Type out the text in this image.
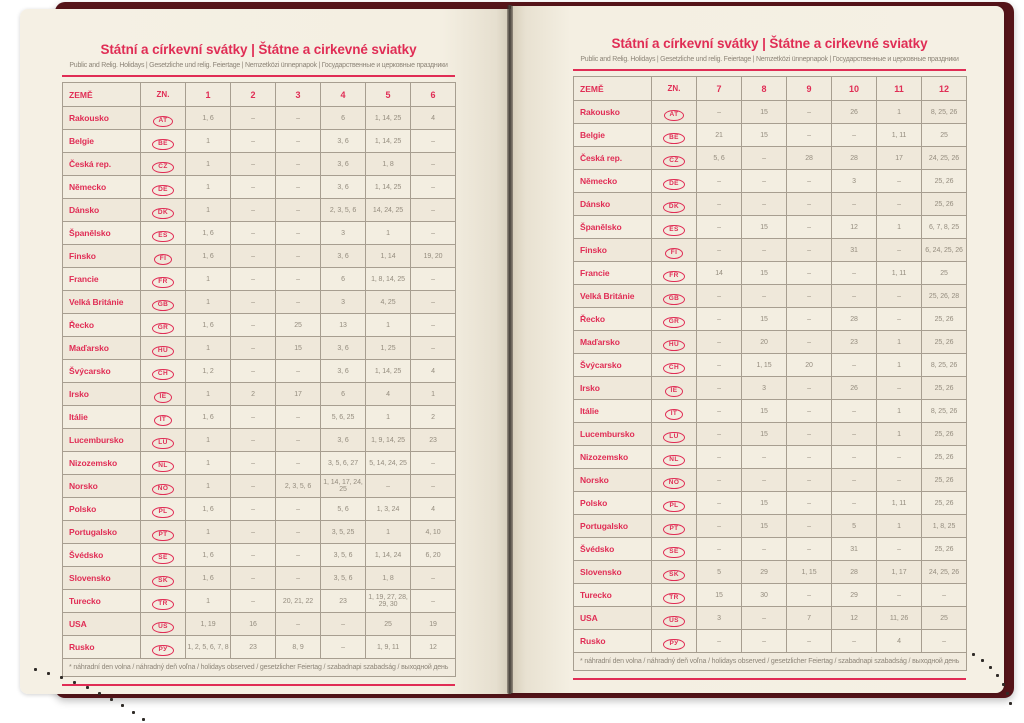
Státní a církevní svátky | Štátne a cirkevné sviatky
Public and Relig. Holidays | Gesetzliche und relig. Feiertage | Nemzetközi ünnepnapok | Государственные и церковные праздники
ZEMĚ	ZN.	1	2	3	4	5	6
Rakousko	AT	1, 6	–	–	6	1, 14, 25	4
Belgie	BE	1	–	–	3, 6	1, 14, 25	–
Česká rep.	CZ	1	–	–	3, 6	1, 8	–
Německo	DE	1	–	–	3, 6	1, 14, 25	–
Dánsko	DK	1	–	–	2, 3, 5, 6	14, 24, 25	–
Španělsko	ES	1, 6	–	–	3	1	–
Finsko	FI	1, 6	–	–	3, 6	1, 14	19, 20
Francie	FR	1	–	–	6	1, 8, 14, 25	–
Velká Británie	GB	1	–	–	3	4, 25	–
Řecko	GR	1, 6	–	25	13	1	–
Maďarsko	HU	1	–	15	3, 6	1, 25	–
Švýcarsko	CH	1, 2	–	–	3, 6	1, 14, 25	4
Irsko	IE	1	2	17	6	4	1
Itálie	IT	1, 6	–	–	5, 6, 25	1	2
Lucembursko	LU	1	–	–	3, 6	1, 9, 14, 25	23
Nizozemsko	NL	1	–	–	3, 5, 6, 27	5, 14, 24, 25	–
Norsko	NO	1	–	2, 3, 5, 6	1, 14, 17, 24, 25	–	–
Polsko	PL	1, 6	–	–	5, 6	1, 3, 24	4
Portugalsko	PT	1	–	–	3, 5, 25	1	4, 10
Švédsko	SE	1, 6	–	–	3, 5, 6	1, 14, 24	6, 20
Slovensko	SK	1, 6	–	–	3, 5, 6	1, 8	–
Turecko	TR	1	–	20, 21, 22	23	1, 19, 27, 28, 29, 30	–
USA	US	1, 19	16	–	–	25	19
Rusko	РУ	1, 2, 5, 6, 7, 8	23	8, 9	–	1, 9, 11	12
* náhradní den volna / náhradný deň voľna / holidays observed / gesetzlicher Feiertag / szabadnapi szabadság / выходной день							
Státní a církevní svátky | Štátne a cirkevné sviatky
Public and Relig. Holidays | Gesetzliche und relig. Feiertage | Nemzetközi ünnepnapok | Государственные и церковные праздники
ZEMĚ	ZN.	7	8	9	10	11	12
Rakousko	AT	–	15	–	26	1	8, 25, 26
Belgie	BE	21	15	–	–	1, 11	25
Česká rep.	CZ	5, 6	–	28	28	17	24, 25, 26
Německo	DE	–	–	–	3	–	25, 26
Dánsko	DK	–	–	–	–	–	25, 26
Španělsko	ES	–	15	–	12	1	6, 7, 8, 25
Finsko	FI	–	–	–	31	–	6, 24, 25, 26
Francie	FR	14	15	–	–	1, 11	25
Velká Británie	GB	–	–	–	–	–	25, 26, 28
Řecko	GR	–	15	–	28	–	25, 26
Maďarsko	HU	–	20	–	23	1	25, 26
Švýcarsko	CH	–	1, 15	20	–	1	8, 25, 26
Irsko	IE	–	3	–	26	–	25, 26
Itálie	IT	–	15	–	–	1	8, 25, 26
Lucembursko	LU	–	15	–	–	1	25, 26
Nizozemsko	NL	–	–	–	–	–	25, 26
Norsko	NO	–	–	–	–	–	25, 26
Polsko	PL	–	15	–	–	1, 11	25, 26
Portugalsko	PT	–	15	–	5	1	1, 8, 25
Švédsko	SE	–	–	–	31	–	25, 26
Slovensko	SK	5	29	1, 15	28	1, 17	24, 25, 26
Turecko	TR	15	30	–	29	–	–
USA	US	3	–	7	12	11, 26	25
Rusko	РУ	–	–	–	–	4	–
* náhradní den volna / náhradný deň voľna / holidays observed / gesetzlicher Feiertag / szabadnapi szabadság / выходной день							
